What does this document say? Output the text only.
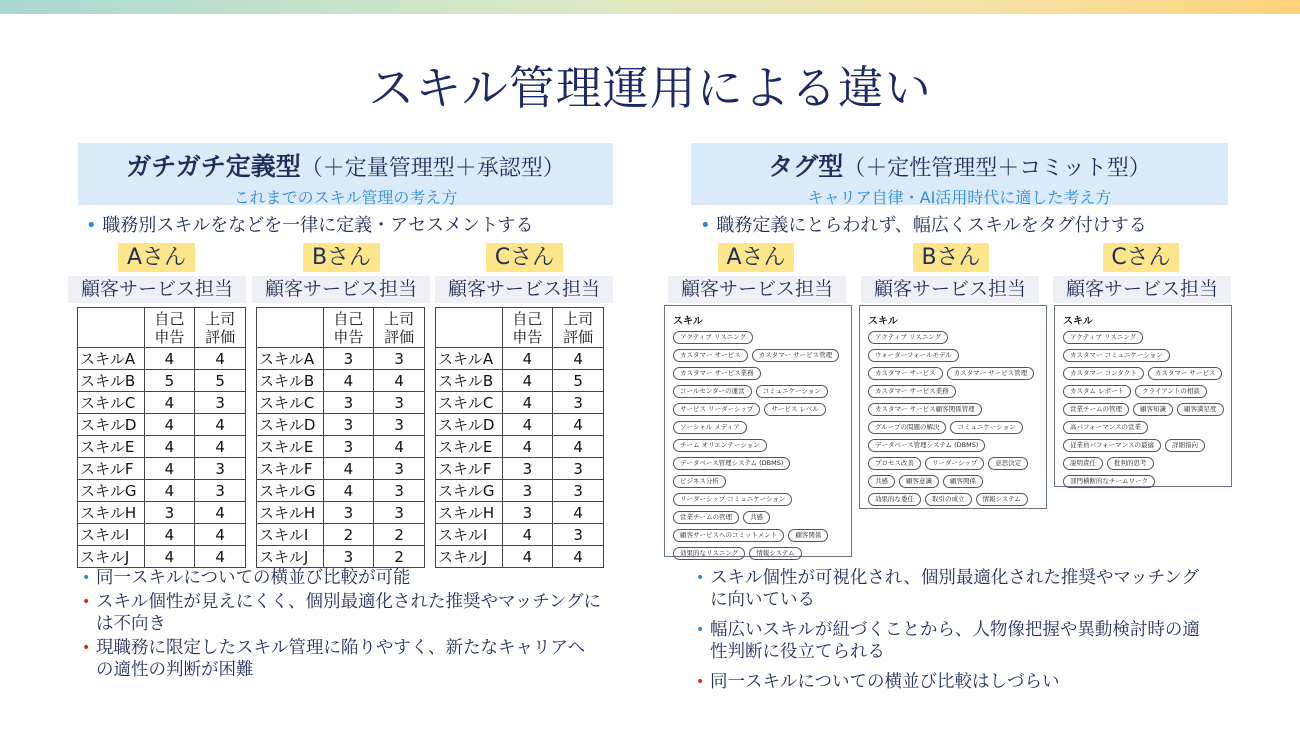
スキル管理運用による違い
ガチガチ定義型（＋定量管理型＋承認型）
これまでのスキル管理の考え方
• 職務別スキルをなどを一律に定義・アセスメントする
タグ型（＋定性管理型＋コミット型）
キャリア自律・AI活用時代に適した考え方
• 職務定義にとらわれず、幅広くスキルをタグ付けする
Aさん	Bさん	Cさん
顧客サービス担当	顧客サービス担当	顧客サービス担当
Aさん	Bさん	Cさん
顧客サービス担当	顧客サービス担当	顧客サービス担当
	自己
申告	上司
評価
スキルA	4	4
スキルB	5	5
スキルC	4	3
スキルD	4	4
スキルE	4	4
スキルF	4	3
スキルG	4	3
スキルH	3	4
スキルI	4	4
スキルJ	4	4
	自己
申告	上司
評価
スキルA	3	3
スキルB	4	4
スキルC	3	3
スキルD	3	3
スキルE	3	4
スキルF	4	3
スキルG	4	3
スキルH	3	3
スキルI	2	2
スキルJ	3	2
	自己
申告	上司
評価
スキルA	4	4
スキルB	4	5
スキルC	4	3
スキルD	4	4
スキルE	4	4
スキルF	3	3
スキルG	3	3
スキルH	3	4
スキルI	4	3
スキルJ	4	4
スキル
アクティブ リスニング
カスタマー サービス	カスタマー サービス管理
カスタマー サービス業務
コールセンターの運営	コミュニケーション
サービス リーダーシップ	サービス レベル
ソーシャル メディア
チーム オリエンテーション
データベース管理システム (DBMS)
ビジネス分析
リーダーシップ コミュニケーション
営業チームの管理	共感
顧客サービスへのコミットメント	顧客関係
効果的なリスニング	情報システム
スキル
アクティブ リスニング
ウォーターフォールモデル
カスタマー サービス	カスタマー サービス管理
カスタマー サービス業務
カスタマー サービス顧客関係管理
グループの問題の解決	コミュニケーション
データベース管理システム (DBMS)
プロセス改善	リーダーシップ	意思決定
共感	顧客意識	顧客関係
効果的な委任	取引の成立	情報システム
スキル
アクティブ リスニング
カスタマー コミュニケーション
カスタマー コンタクト	カスタマー サービス
カスタム レポート	クライアントの相談
営業チームの管理	顧客知識	顧客満足度
高パフォーマンスの営業
従業員パフォーマンスの最適	詳細指向
説明責任	批判的思考
部門横断的なチームワーク
• 同一スキルについての横並び比較が可能
• スキル個性が見えにくく、個別最適化された推奨やマッチングには不向き
• 現職務に限定したスキル管理に陥りやすく、新たなキャリアへの適性の判断が困難
• スキル個性が可視化され、個別最適化された推奨やマッチングに向いている
• 幅広いスキルが紐づくことから、人物像把握や異動検討時の適性判断に役立てられる
• 同一スキルについての横並び比較はしづらい
